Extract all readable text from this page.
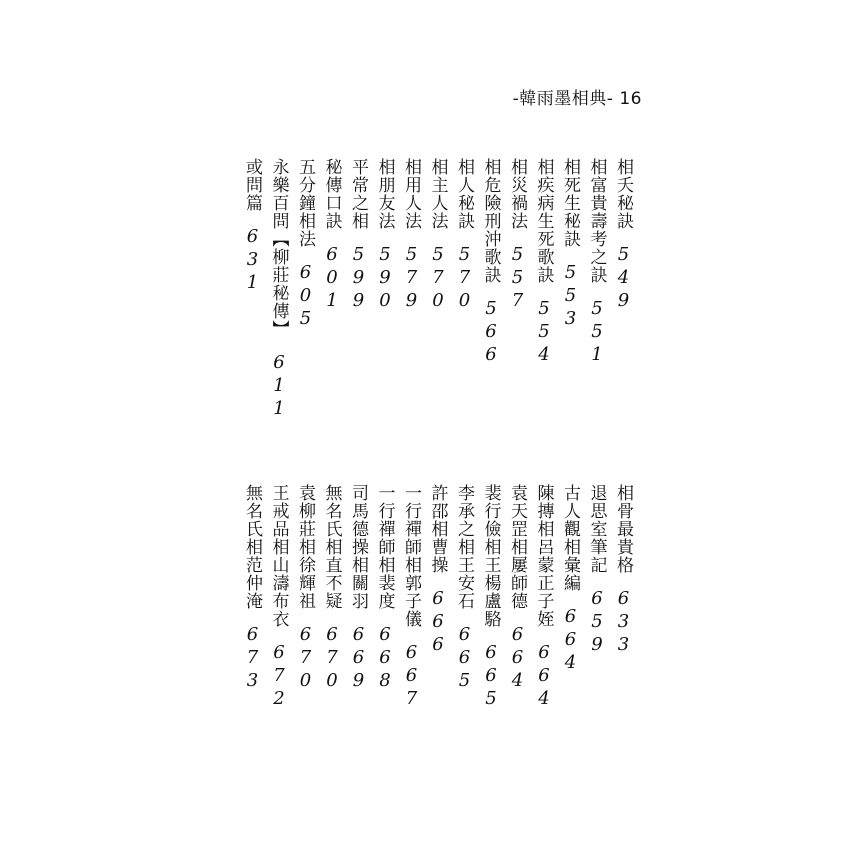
-韓雨墨相典- 16
相夭秘訣549
相富貴壽考之訣551
相死生秘訣553
相疾病生死歌訣554
相災禍法557
相危險刑沖歌訣566
相人秘訣570
相主人法570
相用人法579
相朋友法590
平常之相599
秘傳口訣601
五分鐘相法605
永樂百問【柳莊秘傳】611
或問篇631
相骨最貴格633
退思室筆記659
古人觀相彙編664
陳摶相呂蒙正子姪664
袁天罡相屢師德664
裴行儉相王楊盧駱665
李承之相王安石665
許邵相曹操666
一行禪師相郭子儀667
一行禪師相裴度668
司馬德操相關羽669
無名氏相直不疑670
袁柳莊相徐輝祖670
王戒品相山濤布衣672
無名氏相范仲淹673
